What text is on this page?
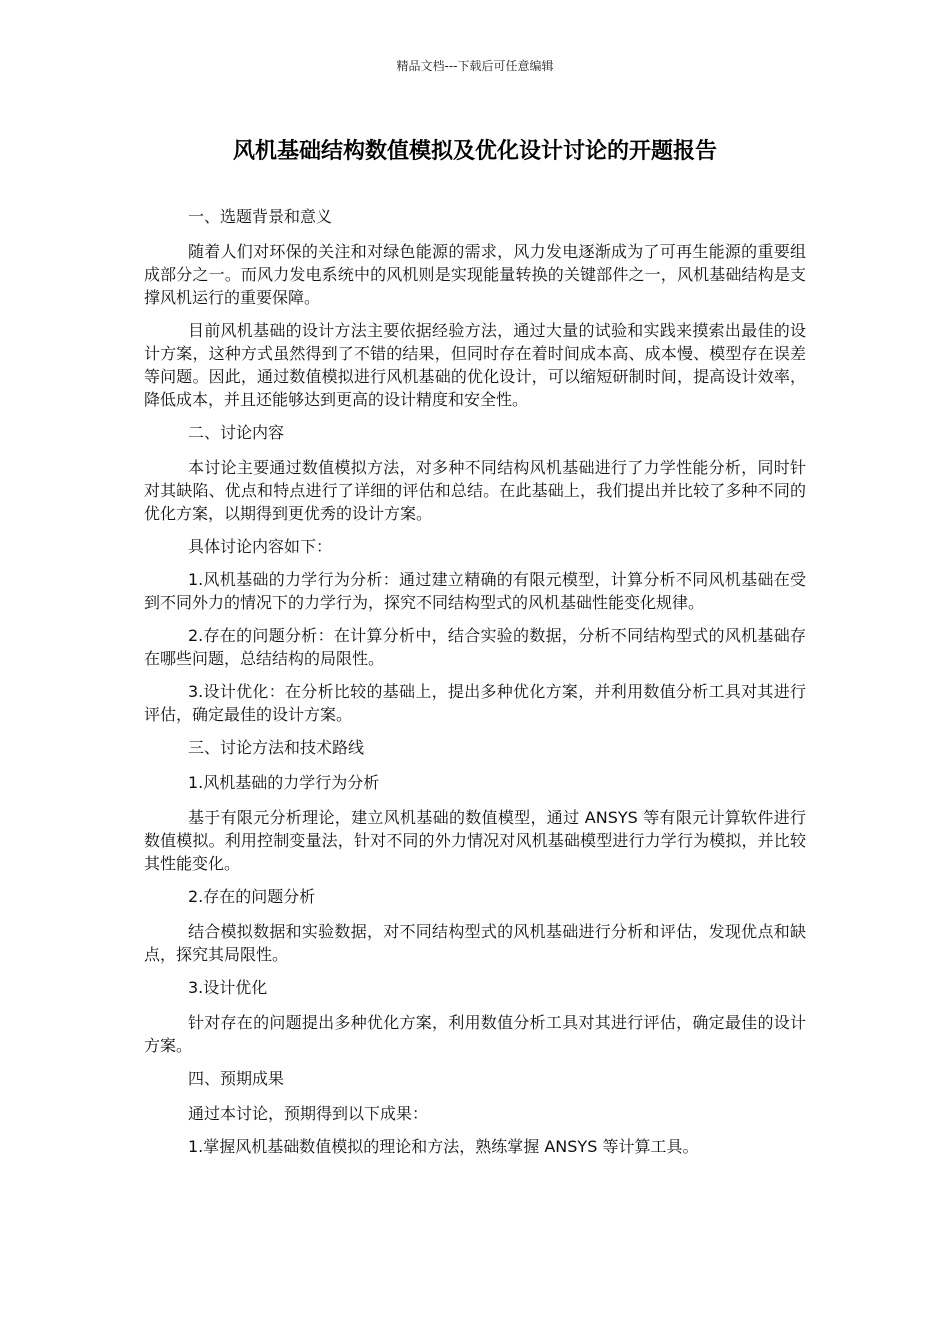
精品文档---下载后可任意编辑
风机基础结构数值模拟及优化设计讨论的开题报告

一、选题背景和意义

随着人们对环保的关注和对绿色能源的需求，风力发电逐渐成为了可再生能源的重要组成部分之一。而风力发电系统中的风机则是实现能量转换的关键部件之一，风机基础结构是支撑风机运行的重要保障。

目前风机基础的设计方法主要依据经验方法，通过大量的试验和实践来摸索出最佳的设计方案，这种方式虽然得到了不错的结果，但同时存在着时间成本高、成本慢、模型存在误差等问题。因此，通过数值模拟进行风机基础的优化设计，可以缩短研制时间，提高设计效率，降低成本，并且还能够达到更高的设计精度和安全性。

二、讨论内容

本讨论主要通过数值模拟方法，对多种不同结构风机基础进行了力学性能分析，同时针对其缺陷、优点和特点进行了详细的评估和总结。在此基础上，我们提出并比较了多种不同的优化方案，以期得到更优秀的设计方案。

具体讨论内容如下：

1.风机基础的力学行为分析：通过建立精确的有限元模型，计算分析不同风机基础在受到不同外力的情况下的力学行为，探究不同结构型式的风机基础性能变化规律。

2.存在的问题分析：在计算分析中，结合实验的数据，分析不同结构型式的风机基础存在哪些问题，总结结构的局限性。

3.设计优化：在分析比较的基础上，提出多种优化方案，并利用数值分析工具对其进行评估，确定最佳的设计方案。

三、讨论方法和技术路线

1.风机基础的力学行为分析

基于有限元分析理论，建立风机基础的数值模型，通过 ANSYS 等有限元计算软件进行数值模拟。利用控制变量法，针对不同的外力情况对风机基础模型进行力学行为模拟，并比较其性能变化。

2.存在的问题分析

结合模拟数据和实验数据，对不同结构型式的风机基础进行分析和评估，发现优点和缺点，探究其局限性。

3.设计优化

针对存在的问题提出多种优化方案，利用数值分析工具对其进行评估，确定最佳的设计方案。

四、预期成果

通过本讨论，预期得到以下成果：

1.掌握风机基础数值模拟的理论和方法，熟练掌握 ANSYS 等计算工具。
